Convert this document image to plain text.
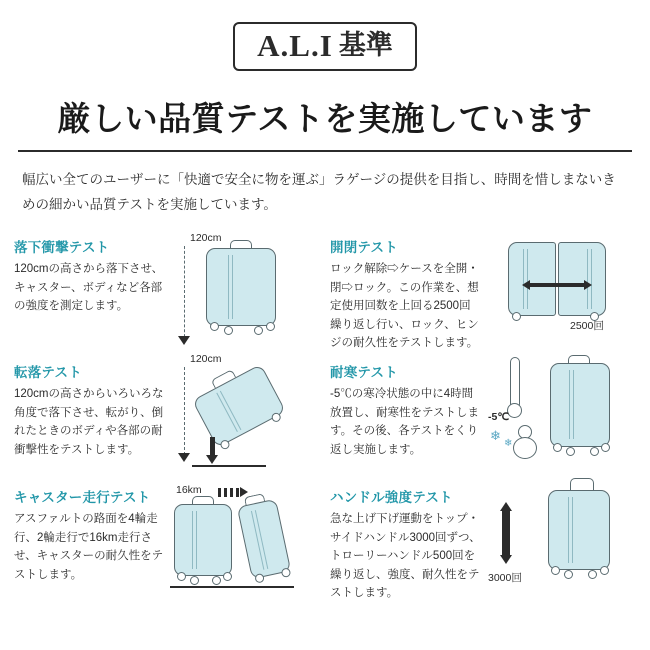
A.L.I 基準
厳しい品質テストを実施しています
幅広い全てのユーザーに「快適で安全に物を運ぶ」ラゲージの提供を目指し、時間を惜しまないきめの細かい品質テストを実施しています。
落下衝撃テスト
120cmの高さから落下させ、キャスター、ボディなど各部の強度を測定します。
120cm
開閉テスト
ロック解除⇨ケースを全開・閉⇨ロック。この作業を、想定使用回数を上回る2500回繰り返し行い、ロック、ヒンジの耐久性をテストします。
2500回
転落テスト
120cmの高さからいろいろな角度で落下させ、転がり、倒れたときのボディや各部の耐衝撃性をテストします。
120cm
耐寒テスト
-5℃の寒冷状態の中に4時間放置し、耐寒性をテストします。その後、各テストをくり返し実施します。
-5℃
❄
❄
キャスター走行テスト
アスファルトの路面を4輪走行、2輪走行で16km走行させ、キャスターの耐久性をテストします。
16km	ハンドル強度テスト
急な上げ下げ運動をトップ・サイドハンドル3000回ずつ、トローリーハンドル500回を繰り返し、強度、耐久性をテストします。
3000回
